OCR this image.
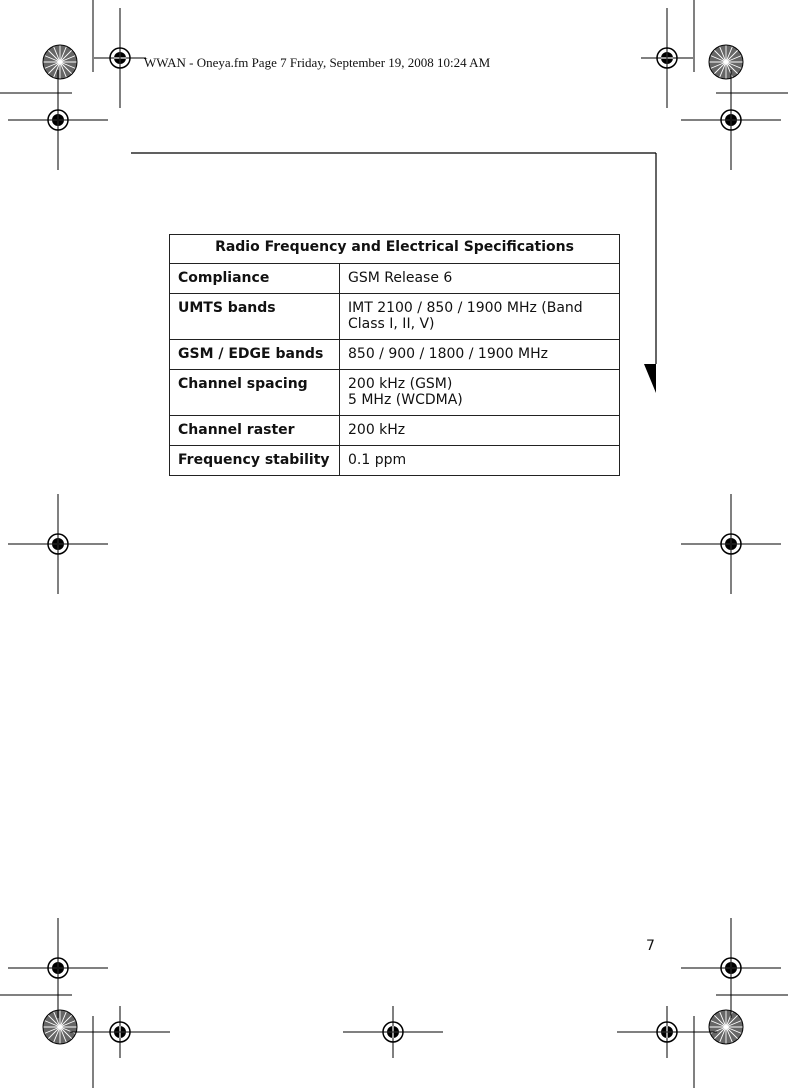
WWAN - Oneya.fm Page 7 Friday, September 19, 2008 10:24 AM
Radio Frequency and Electrical Specifications	
Compliance	GSM Release 6
UMTS bands	IMT 2100 / 850 / 1900 MHz (Band
Class I, II, V)
GSM / EDGE bands	850 / 900 / 1800 / 1900 MHz
Channel spacing	200 kHz (GSM)
5 MHz (WCDMA)
Channel raster	200 kHz
Frequency stability	0.1 ppm
7
